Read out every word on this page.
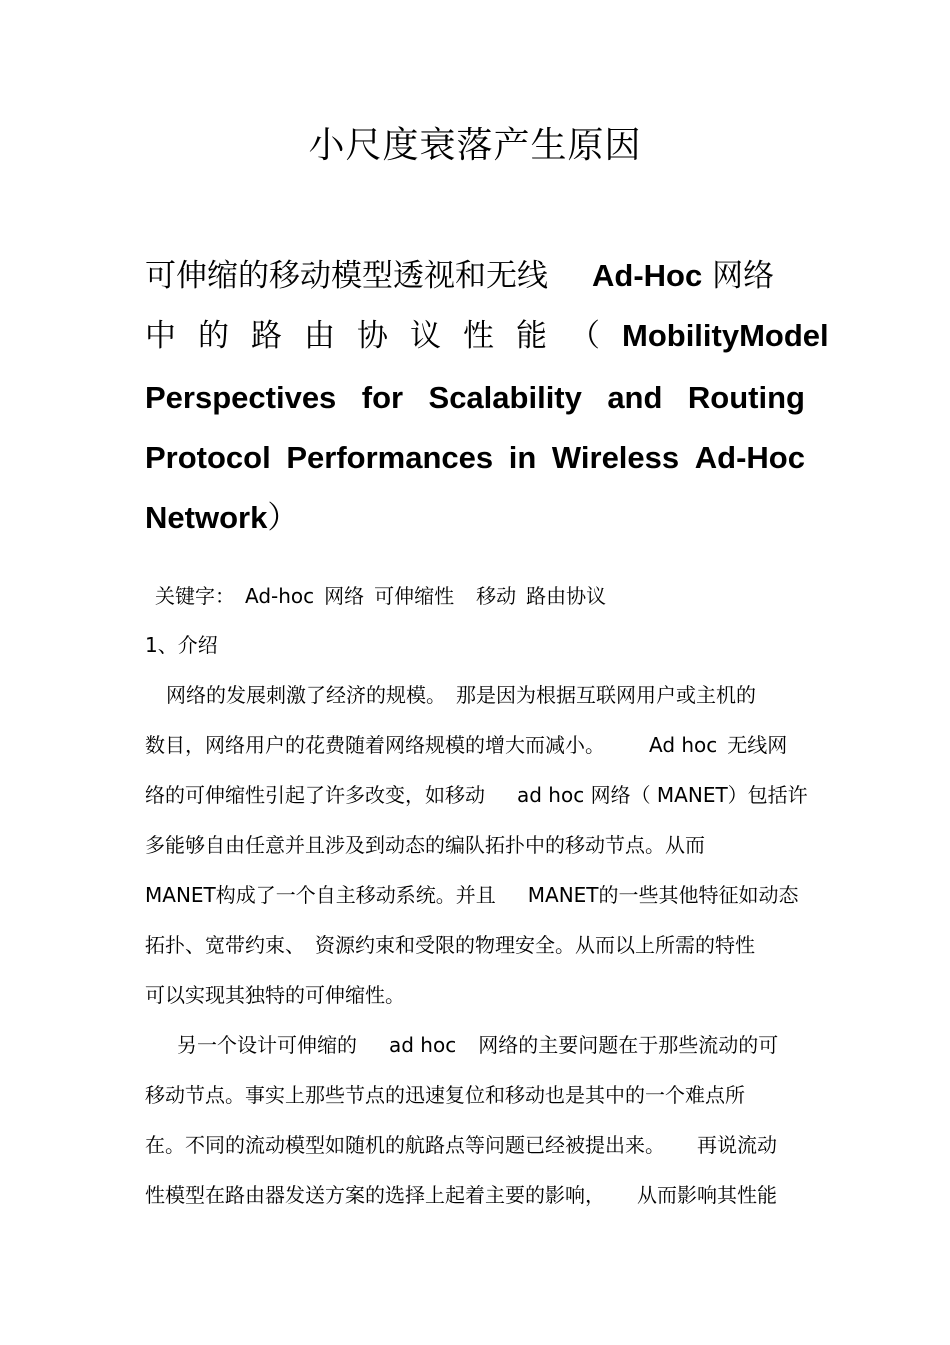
小尺度衰落产生原因
可伸缩的移动模型透视和无线 Ad-Hoc 网络
中的路由协议性能（ Mobility Model
Perspectives for Scalability and Routing
Protocol Performances in Wireless Ad-Hoc
Network）
关键字： Ad-hoc 网络 可伸缩性 移动 路由协议
1、介绍
网络的发展刺激了经济的规模。 那是因为根据互联网用户或主机的
数目，网络用户的花费随着网络规模的增大而减小。 Ad hoc 无线网
络的可伸缩性引起了许多改变，如移动 ad hoc 网络（ MANET）包括许
多能够自由任意并且涉及到动态的编队拓扑中的移动节点。从而
MANET构成了一个自主移动系统。并且 MANET的一些其他特征如动态
拓扑、宽带约束、 资源约束和受限的物理安全。从而以上所需的特性
可以实现其独特的可伸缩性。
另一个设计可伸缩的 ad hoc 网络的主要问题在于那些流动的可
移动节点。事实上那些节点的迅速复位和移动也是其中的一个难点所
在。不同的流动模型如随机的航路点等问题已经被提出来。 再说流动
性模型在路由器发送方案的选择上起着主要的影响， 从而影响其性能
